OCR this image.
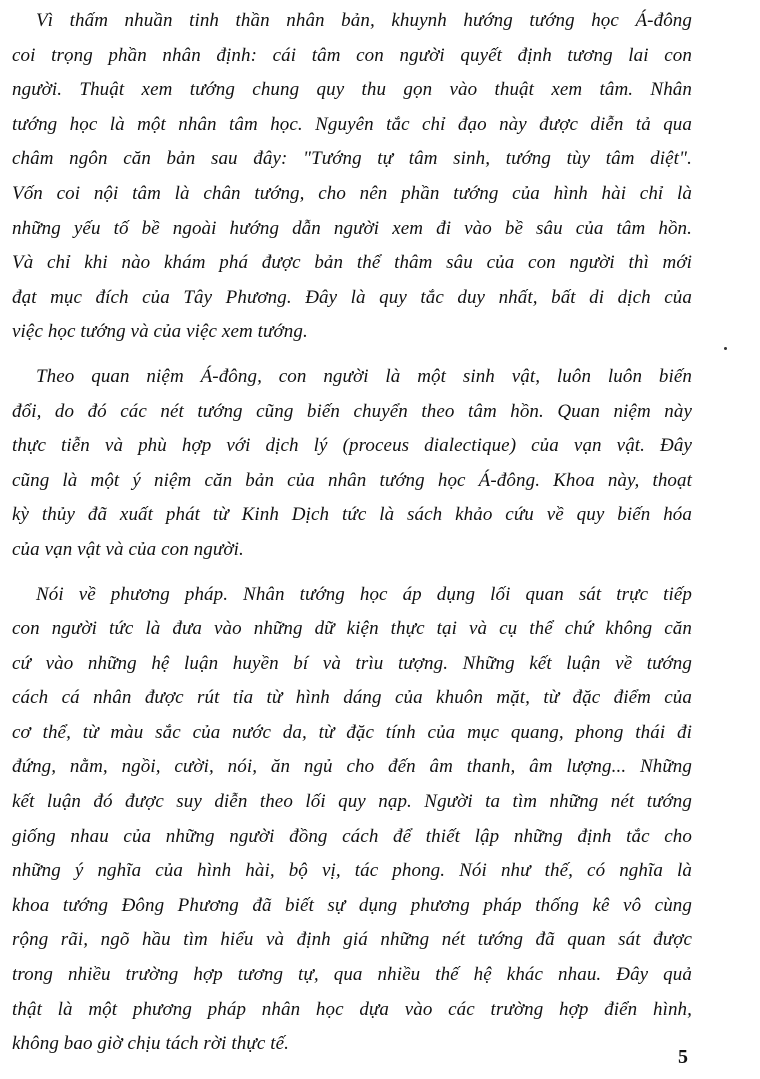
Vì thấm nhuần tinh thần nhân bản, khuynh hướng tướng học Á-đông
coi trọng phần nhân định: cái tâm con người quyết định tương lai con
người. Thuật xem tướng chung quy thu gọn vào thuật xem tâm. Nhân
tướng học là một nhân tâm học. Nguyên tắc chỉ đạo này được diễn tả qua
châm ngôn căn bản sau đây: "Tướng tự tâm sinh, tướng tùy tâm diệt".
Vốn coi nội tâm là chân tướng, cho nên phần tướng của hình hài chỉ là
những yếu tố bề ngoài hướng dẫn người xem đi vào bề sâu của tâm hồn.
Và chỉ khi nào khám phá được bản thể thâm sâu của con người thì mới
đạt mục đích của Tây Phương. Đây là quy tắc duy nhất, bất di dịch của
việc học tướng và của việc xem tướng.
Theo quan niệm Á-đông, con người là một sinh vật, luôn luôn biến
đổi, do đó các nét tướng cũng biến chuyển theo tâm hồn. Quan niệm này
thực tiễn và phù hợp với dịch lý (proceus dialectique) của vạn vật. Đây
cũng là một ý niệm căn bản của nhân tướng học Á-đông. Khoa này, thoạt
kỳ thủy đã xuất phát từ Kinh Dịch tức là sách khảo cứu về quy biến hóa
của vạn vật và của con người.
Nói về phương pháp. Nhân tướng học áp dụng lối quan sát trực tiếp
con người tức là đưa vào những dữ kiện thực tại và cụ thể chứ không căn
cứ vào những hệ luận huyền bí và trìu tượng. Những kết luận về tướng
cách cá nhân được rút tỉa từ hình dáng của khuôn mặt, từ đặc điểm của
cơ thể, từ màu sắc của nước da, từ đặc tính của mục quang, phong thái đi
đứng, nằm, ngồi, cười, nói, ăn ngủ cho đến âm thanh, âm lượng... Những
kết luận đó được suy diễn theo lối quy nạp. Người ta tìm những nét tướng
giống nhau của những người đồng cách để thiết lập những định tắc cho
những ý nghĩa của hình hài, bộ vị, tác phong. Nói như thế, có nghĩa là
khoa tướng Đông Phương đã biết sự dụng phương pháp thống kê vô cùng
rộng rãi, ngõ hầu tìm hiểu và định giá những nét tướng đã quan sát được
trong nhiều trường hợp tương tự, qua nhiều thế hệ khác nhau. Đây quả
thật là một phương pháp nhân học dựa vào các trường hợp điển hình,
không bao giờ chịu tách rời thực tế.
5
